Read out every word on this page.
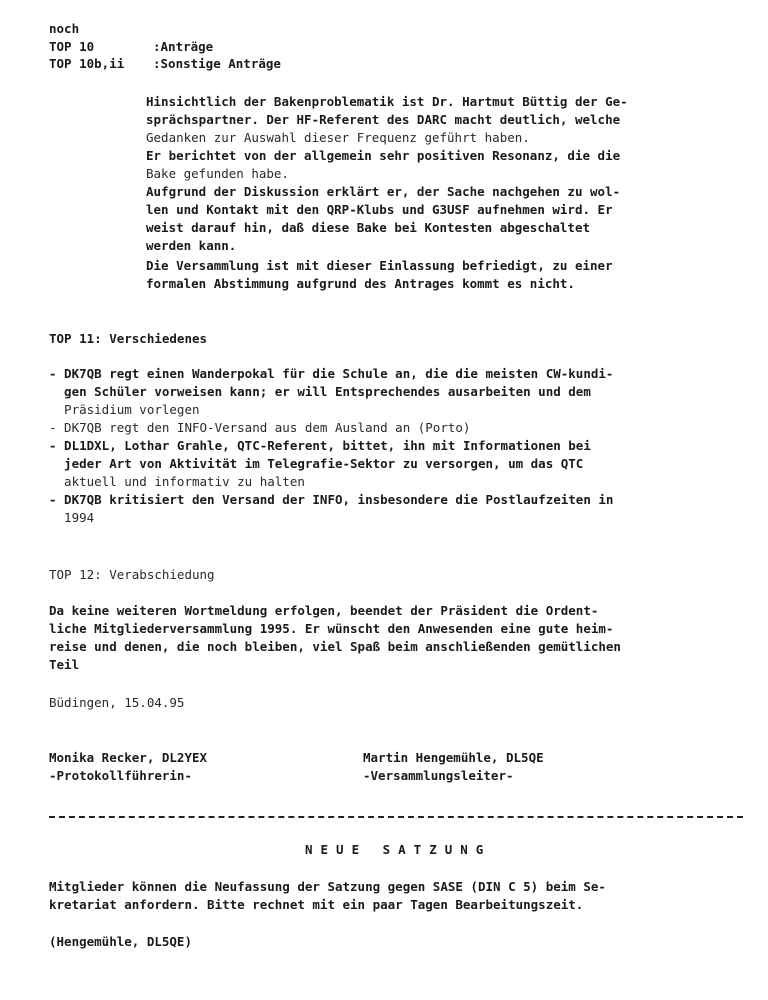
noch
TOP 10	:Anträge
TOP 10b,ii :Sonstige Anträge
Hinsichtlich der Bakenproblematik ist Dr. Hartmut Büttig der Ge-
sprächspartner. Der HF-Referent des DARC macht deutlich, welche
Gedanken zur Auswahl dieser Frequenz geführt haben.
Er berichtet von der allgemein sehr positiven Resonanz, die die
Bake gefunden habe.
Aufgrund der Diskussion erklärt er, der Sache nachgehen zu wol-
len und Kontakt mit den QRP-Klubs und G3USF aufnehmen wird. Er
weist darauf hin, daß diese Bake bei Kontesten abgeschaltet
werden kann.
Die Versammlung ist mit dieser Einlassung befriedigt, zu einer
formalen Abstimmung aufgrund des Antrages kommt es nicht.
TOP 11: Verschiedenes
- DK7QB regt einen Wanderpokal für die Schule an, die die meisten CW-kundi-
gen Schüler vorweisen kann; er will Entsprechendes ausarbeiten und dem
Präsidium vorlegen
- DK7QB regt den INFO-Versand aus dem Ausland an (Porto)
- DL1DXL, Lothar Grahle, QTC-Referent, bittet, ihn mit Informationen bei
jeder Art von Aktivität im Telegrafie-Sektor zu versorgen, um das QTC
aktuell und informativ zu halten
- DK7QB kritisiert den Versand der INFO, insbesondere die Postlaufzeiten in
1994
TOP 12: Verabschiedung
Da keine weiteren Wortmeldung erfolgen, beendet der Präsident die Ordent-
liche Mitgliederversammlung 1995. Er wünscht den Anwesenden eine gute heim-
reise und denen, die noch bleiben, viel Spaß beim anschließenden gemütlichen
Teil
Büdingen, 15.04.95
Monika Recker, DL2YEX
-Protokollführerin-
Martin Hengemühle, DL5QE
-Versammlungsleiter-
NEUE SATZUNG
Mitglieder können die Neufassung der Satzung gegen SASE (DIN C 5) beim Se-
kretariat anfordern. Bitte rechnet mit ein paar Tagen Bearbeitungszeit.
(Hengemühle, DL5QE)
